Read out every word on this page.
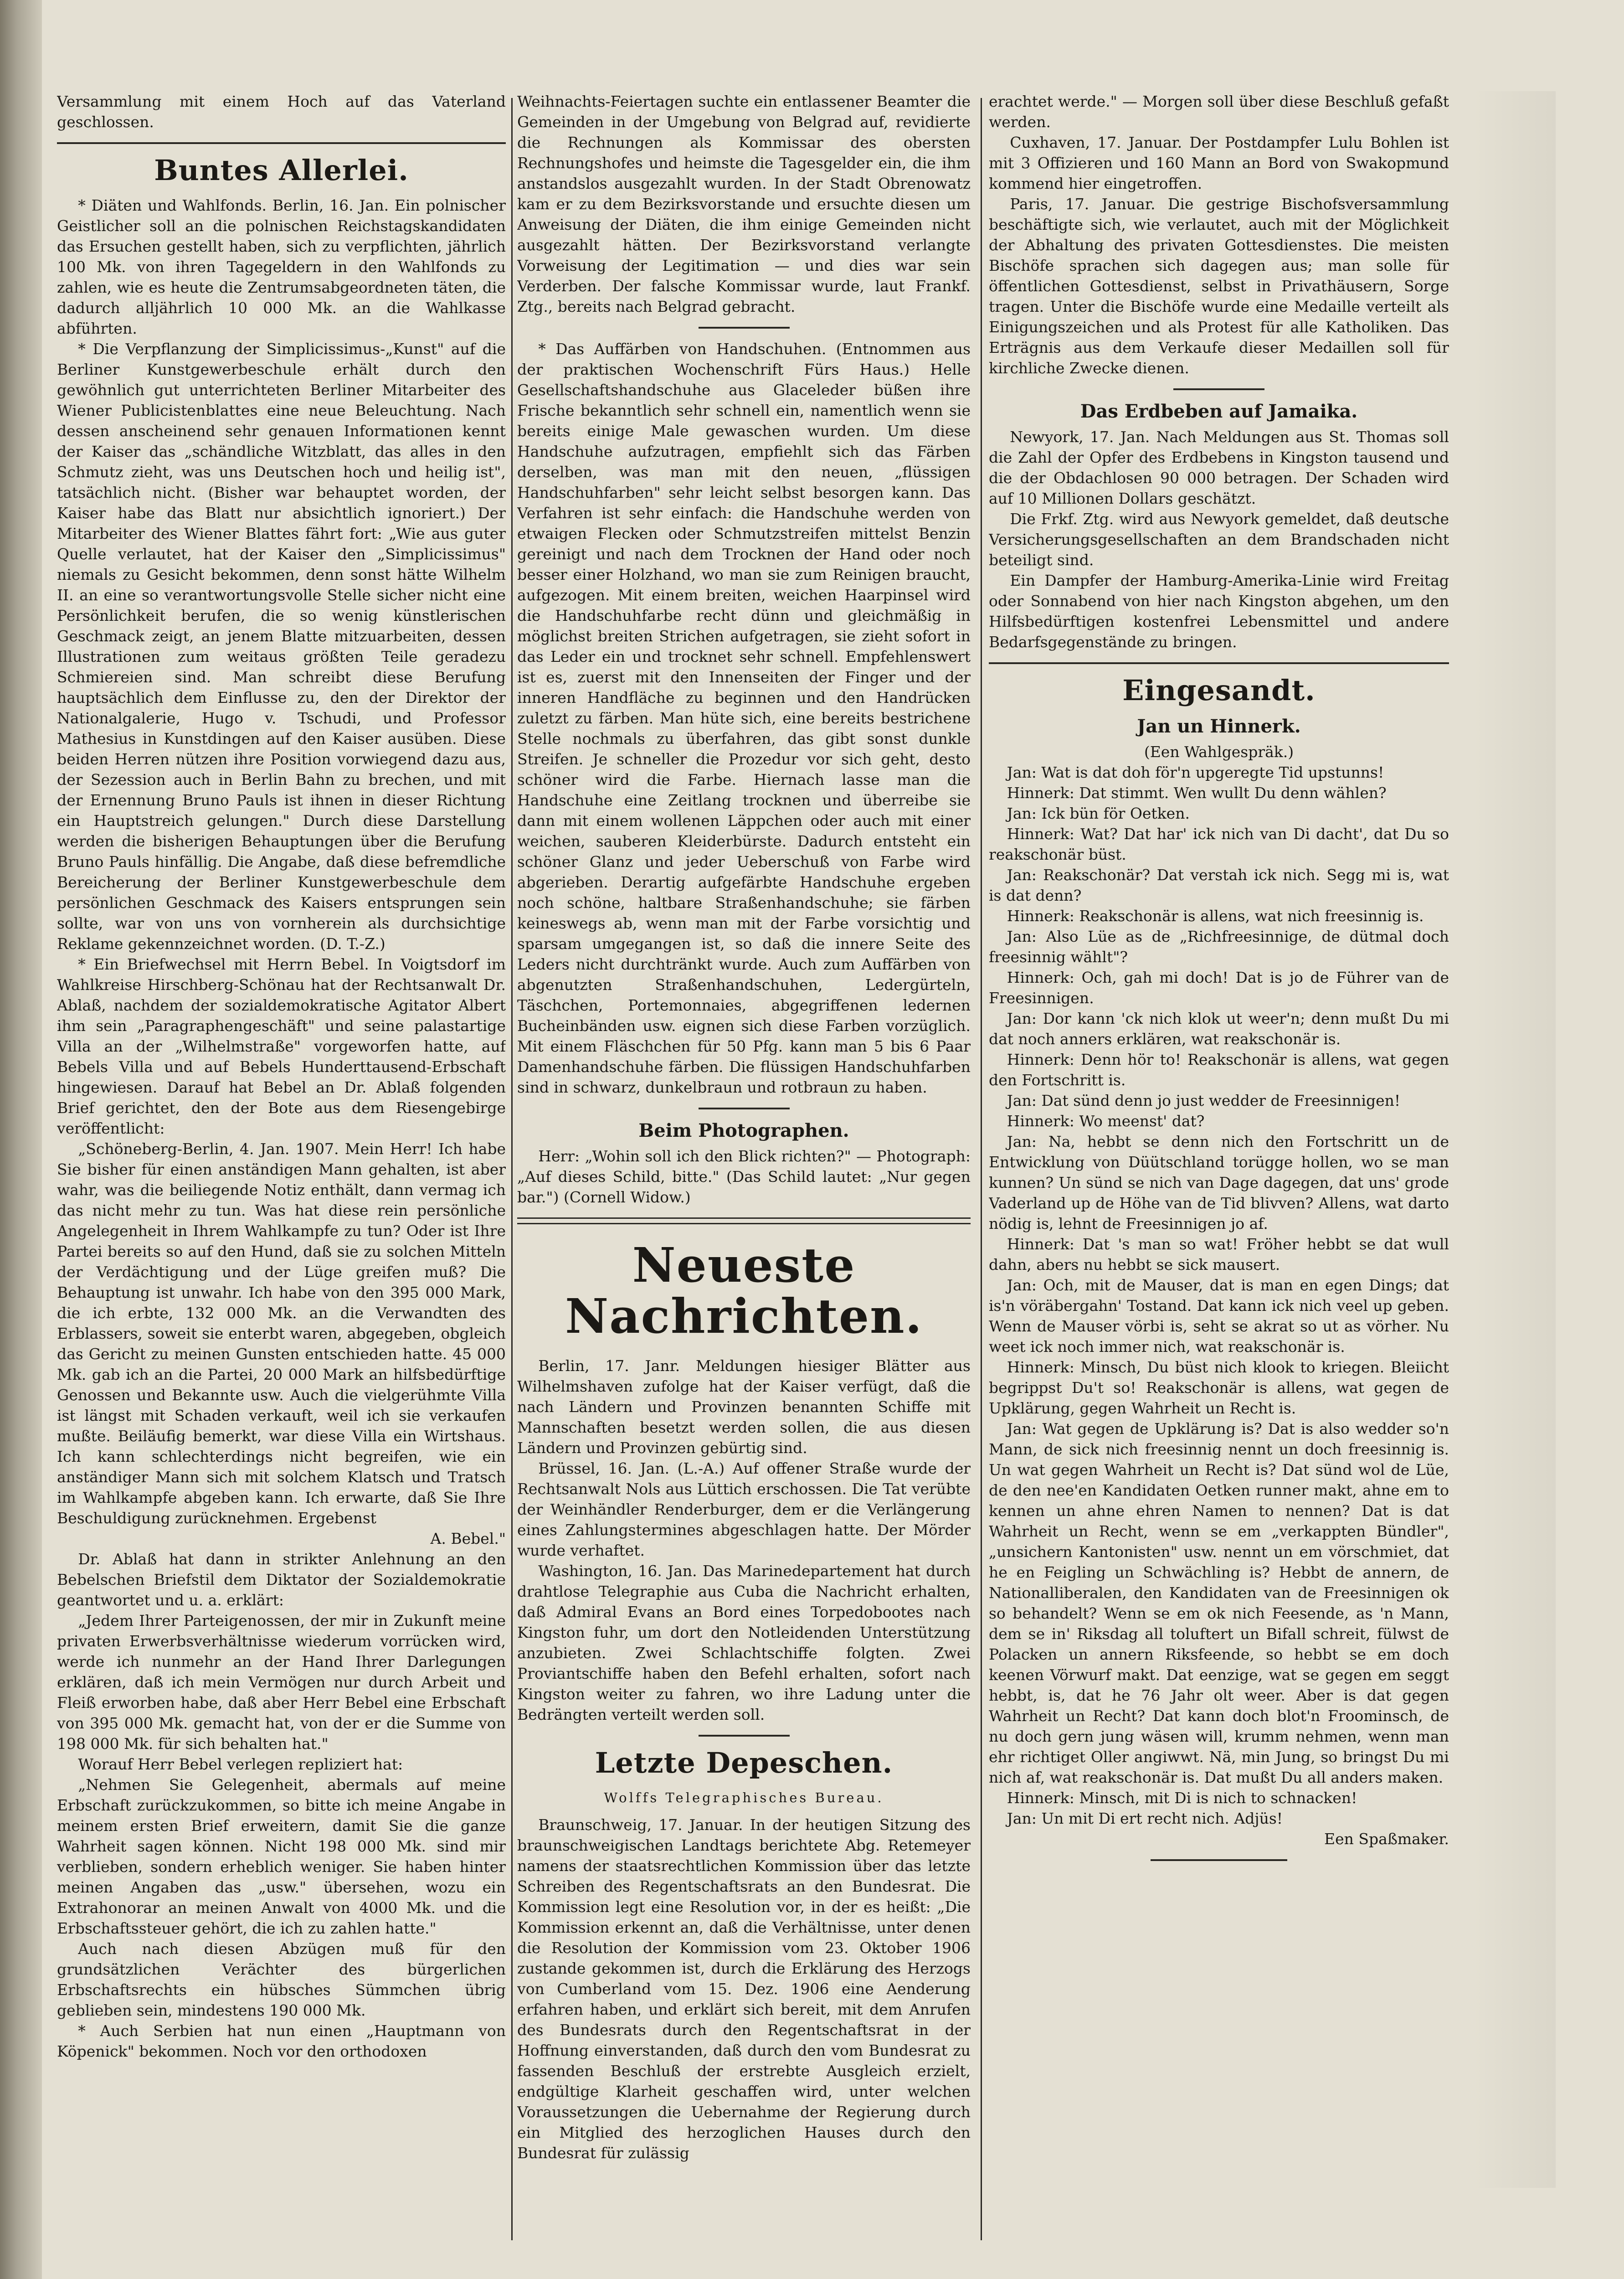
Versammlung mit einem Hoch auf das Vaterland geschlossen.

Buntes Allerlei.

* Diäten und Wahlfonds. Berlin, 16. Jan. Ein polnischer Geistlicher soll an die polnischen Reichstagskandidaten das Ersuchen gestellt haben, sich zu verpflichten, jährlich 100 Mk. von ihren Tagegeldern in den Wahlfonds zu zahlen, wie es heute die Zentrumsabgeordneten täten, die dadurch alljährlich 10 000 Mk. an die Wahlkasse abführten.

* Die Verpflanzung der Simplicissimus-„Kunst" auf die Berliner Kunstgewerbeschule erhält durch den gewöhnlich gut unterrichteten Berliner Mitarbeiter des Wiener Publicistenblattes eine neue Beleuchtung. Nach dessen anscheinend sehr genauen Informationen kennt der Kaiser das „schändliche Witzblatt, das alles in den Schmutz zieht, was uns Deutschen hoch und heilig ist", tatsächlich nicht. (Bisher war behauptet worden, der Kaiser habe das Blatt nur absichtlich ignoriert.) Der Mitarbeiter des Wiener Blattes fährt fort: „Wie aus guter Quelle verlautet, hat der Kaiser den „Simplicissimus" niemals zu Gesicht bekommen, denn sonst hätte Wilhelm II. an eine so verantwortungsvolle Stelle sicher nicht eine Persönlichkeit berufen, die so wenig künstlerischen Geschmack zeigt, an jenem Blatte mitzuarbeiten, dessen Illustrationen zum weitaus größten Teile geradezu Schmiereien sind. Man schreibt diese Berufung hauptsächlich dem Einflusse zu, den der Direktor der Nationalgalerie, Hugo v. Tschudi, und Professor Mathesius in Kunstdingen auf den Kaiser ausüben. Diese beiden Herren nützen ihre Position vorwiegend dazu aus, der Sezession auch in Berlin Bahn zu brechen, und mit der Ernennung Bruno Pauls ist ihnen in dieser Richtung ein Hauptstreich gelungen." Durch diese Darstellung werden die bisherigen Behauptungen über die Berufung Bruno Pauls hinfällig. Die Angabe, daß diese befremdliche Bereicherung der Berliner Kunstgewerbeschule dem persönlichen Geschmack des Kaisers entsprungen sein sollte, war von uns von vornherein als durchsichtige Reklame gekennzeichnet worden. (D. T.-Z.)

* Ein Briefwechsel mit Herrn Bebel. In Voigtsdorf im Wahlkreise Hirschberg-Schönau hat der Rechtsanwalt Dr. Ablaß, nachdem der sozialdemokratische Agitator Albert ihm sein „Paragraphengeschäft" und seine palastartige Villa an der „Wilhelmstraße" vorgeworfen hatte, auf Bebels Villa und auf Bebels Hunderttausend-Erbschaft hingewiesen. Darauf hat Bebel an Dr. Ablaß folgenden Brief gerichtet, den der Bote aus dem Riesengebirge veröffentlicht:

„Schöneberg-Berlin, 4. Jan. 1907. Mein Herr! Ich habe Sie bisher für einen anständigen Mann gehalten, ist aber wahr, was die beiliegende Notiz enthält, dann vermag ich das nicht mehr zu tun. Was hat diese rein persönliche Angelegenheit in Ihrem Wahlkampfe zu tun? Oder ist Ihre Partei bereits so auf den Hund, daß sie zu solchen Mitteln der Verdächtigung und der Lüge greifen muß? Die Behauptung ist unwahr. Ich habe von den 395 000 Mark, die ich erbte, 132 000 Mk. an die Verwandten des Erblassers, soweit sie enterbt waren, abgegeben, obgleich das Gericht zu meinen Gunsten entschieden hatte. 45 000 Mk. gab ich an die Partei, 20 000 Mark an hilfsbedürftige Genossen und Bekannte usw. Auch die vielgerühmte Villa ist längst mit Schaden verkauft, weil ich sie verkaufen mußte. Beiläufig bemerkt, war diese Villa ein Wirtshaus. Ich kann schlechterdings nicht begreifen, wie ein anständiger Mann sich mit solchem Klatsch und Tratsch im Wahlkampfe abgeben kann. Ich erwarte, daß Sie Ihre Beschuldigung zurücknehmen. Ergebenst

A. Bebel."

Dr. Ablaß hat dann in strikter Anlehnung an den Bebelschen Briefstil dem Diktator der Sozialdemokratie geantwortet und u. a. erklärt:

„Jedem Ihrer Parteigenossen, der mir in Zukunft meine privaten Erwerbsverhältnisse wiederum vorrücken wird, werde ich nunmehr an der Hand Ihrer Darlegungen erklären, daß ich mein Vermögen nur durch Arbeit und Fleiß erworben habe, daß aber Herr Bebel eine Erbschaft von 395 000 Mk. gemacht hat, von der er die Summe von 198 000 Mk. für sich behalten hat."

Worauf Herr Bebel verlegen repliziert hat:

„Nehmen Sie Gelegenheit, abermals auf meine Erbschaft zurückzukommen, so bitte ich meine Angabe in meinem ersten Brief erweitern, damit Sie die ganze Wahrheit sagen können. Nicht 198 000 Mk. sind mir verblieben, sondern erheblich weniger. Sie haben hinter meinen Angaben das „usw." übersehen, wozu ein Extrahonorar an meinen Anwalt von 4000 Mk. und die Erbschaftssteuer gehört, die ich zu zahlen hatte."

Auch nach diesen Abzügen muß für den grundsätzlichen Verächter des bürgerlichen Erbschaftsrechts ein hübsches Sümmchen übrig geblieben sein, mindestens 190 000 Mk.

* Auch Serbien hat nun einen „Hauptmann von Köpenick" bekommen. Noch vor den orthodoxen

Weihnachts-Feiertagen suchte ein entlassener Beamter die Gemeinden in der Umgebung von Belgrad auf, revidierte die Rechnungen als Kommissar des obersten Rechnungshofes und heimste die Tagesgelder ein, die ihm anstandslos ausgezahlt wurden. In der Stadt Obrenowatz kam er zu dem Bezirksvorstande und ersuchte diesen um Anweisung der Diäten, die ihm einige Gemeinden nicht ausgezahlt hätten. Der Bezirksvorstand verlangte Vorweisung der Legitimation — und dies war sein Verderben. Der falsche Kommissar wurde, laut Frankf. Ztg., bereits nach Belgrad gebracht.

* Das Auffärben von Handschuhen. (Entnommen aus der praktischen Wochenschrift Fürs Haus.) Helle Gesellschaftshandschuhe aus Glaceleder büßen ihre Frische bekanntlich sehr schnell ein, namentlich wenn sie bereits einige Male gewaschen wurden. Um diese Handschuhe aufzutragen, empfiehlt sich das Färben derselben, was man mit den neuen, „flüssigen Handschuhfarben" sehr leicht selbst besorgen kann. Das Verfahren ist sehr einfach: die Handschuhe werden von etwaigen Flecken oder Schmutzstreifen mittelst Benzin gereinigt und nach dem Trocknen der Hand oder noch besser einer Holzhand, wo man sie zum Reinigen braucht, aufgezogen. Mit einem breiten, weichen Haarpinsel wird die Handschuhfarbe recht dünn und gleichmäßig in möglichst breiten Strichen aufgetragen, sie zieht sofort in das Leder ein und trocknet sehr schnell. Empfehlenswert ist es, zuerst mit den Innenseiten der Finger und der inneren Handfläche zu beginnen und den Handrücken zuletzt zu färben. Man hüte sich, eine bereits bestrichene Stelle nochmals zu überfahren, das gibt sonst dunkle Streifen. Je schneller die Prozedur vor sich geht, desto schöner wird die Farbe. Hiernach lasse man die Handschuhe eine Zeitlang trocknen und überreibe sie dann mit einem wollenen Läppchen oder auch mit einer weichen, sauberen Kleiderbürste. Dadurch entsteht ein schöner Glanz und jeder Ueberschuß von Farbe wird abgerieben. Derartig aufgefärbte Handschuhe ergeben noch schöne, haltbare Straßenhandschuhe; sie färben keineswegs ab, wenn man mit der Farbe vorsichtig und sparsam umgegangen ist, so daß die innere Seite des Leders nicht durchtränkt wurde. Auch zum Auffärben von abgenutzten Straßenhandschuhen, Ledergürteln, Täschchen, Portemonnaies, abgegriffenen ledernen Bucheinbänden usw. eignen sich diese Farben vorzüglich. Mit einem Fläschchen für 50 Pfg. kann man 5 bis 6 Paar Damenhandschuhe färben. Die flüssigen Handschuhfarben sind in schwarz, dunkelbraun und rotbraun zu haben.

Beim Photographen.

Herr: „Wohin soll ich den Blick richten?" — Photograph: „Auf dieses Schild, bitte." (Das Schild lautet: „Nur gegen bar.") (Cornell Widow.)

Neueste Nachrichten.

Berlin, 17. Janr. Meldungen hiesiger Blätter aus Wilhelmshaven zufolge hat der Kaiser verfügt, daß die nach Ländern und Provinzen benannten Schiffe mit Mannschaften besetzt werden sollen, die aus diesen Ländern und Provinzen gebürtig sind.

Brüssel, 16. Jan. (L.-A.) Auf offener Straße wurde der Rechtsanwalt Nols aus Lüttich erschossen. Die Tat verübte der Weinhändler Renderburger, dem er die Verlängerung eines Zahlungstermines abgeschlagen hatte. Der Mörder wurde verhaftet.

Washington, 16. Jan. Das Marinedepartement hat durch drahtlose Telegraphie aus Cuba die Nachricht erhalten, daß Admiral Evans an Bord eines Torpedobootes nach Kingston fuhr, um dort den Notleidenden Unterstützung anzubieten. Zwei Schlachtschiffe folgten. Zwei Proviantschiffe haben den Befehl erhalten, sofort nach Kingston weiter zu fahren, wo ihre Ladung unter die Bedrängten verteilt werden soll.

Letzte Depeschen.

Wolffs Telegraphisches Bureau.

Braunschweig, 17. Januar. In der heutigen Sitzung des braunschweigischen Landtags berichtete Abg. Retemeyer namens der staatsrechtlichen Kommission über das letzte Schreiben des Regentschaftsrats an den Bundesrat. Die Kommission legt eine Resolution vor, in der es heißt: „Die Kommission erkennt an, daß die Verhältnisse, unter denen die Resolution der Kommission vom 23. Oktober 1906 zustande gekommen ist, durch die Erklärung des Herzogs von Cumberland vom 15. Dez. 1906 eine Aenderung erfahren haben, und erklärt sich bereit, mit dem Anrufen des Bundesrats durch den Regentschaftsrat in der Hoffnung einverstanden, daß durch den vom Bundesrat zu fassenden Beschluß der erstrebte Ausgleich erzielt, endgültige Klarheit geschaffen wird, unter welchen Voraussetzungen die Uebernahme der Regierung durch ein Mitglied des herzoglichen Hauses durch den Bundesrat für zulässig

erachtet werde." — Morgen soll über diese Beschluß gefaßt werden.

Cuxhaven, 17. Januar. Der Postdampfer Lulu Bohlen ist mit 3 Offizieren und 160 Mann an Bord von Swakopmund kommend hier eingetroffen.

Paris, 17. Januar. Die gestrige Bischofsversammlung beschäftigte sich, wie verlautet, auch mit der Möglichkeit der Abhaltung des privaten Gottesdienstes. Die meisten Bischöfe sprachen sich dagegen aus; man solle für öffentlichen Gottesdienst, selbst in Privathäusern, Sorge tragen. Unter die Bischöfe wurde eine Medaille verteilt als Einigungszeichen und als Protest für alle Katholiken. Das Erträgnis aus dem Verkaufe dieser Medaillen soll für kirchliche Zwecke dienen.

Das Erdbeben auf Jamaika.

Newyork, 17. Jan. Nach Meldungen aus St. Thomas soll die Zahl der Opfer des Erdbebens in Kingston tausend und die der Obdachlosen 90 000 betragen. Der Schaden wird auf 10 Millionen Dollars geschätzt.

Die Frkf. Ztg. wird aus Newyork gemeldet, daß deutsche Versicherungsgesellschaften an dem Brandschaden nicht beteiligt sind.

Ein Dampfer der Hamburg-Amerika-Linie wird Freitag oder Sonnabend von hier nach Kingston abgehen, um den Hilfsbedürftigen kostenfrei Lebensmittel und andere Bedarfsgegenstände zu bringen.

Eingesandt.
Jan un Hinnerk.

(Een Wahlgespräk.)

Jan: Wat is dat doh för'n upgeregte Tid upstunns!

Hinnerk: Dat stimmt. Wen wullt Du denn wählen?

Jan: Ick bün för Oetken.

Hinnerk: Wat? Dat har' ick nich van Di dacht', dat Du so reakschonär büst.

Jan: Reakschonär? Dat verstah ick nich. Segg mi is, wat is dat denn?

Hinnerk: Reakschonär is allens, wat nich freesinnig is.

Jan: Also Lüe as de „Richfreesinnige, de dütmal doch freesinnig wählt"?

Hinnerk: Och, gah mi doch! Dat is jo de Führer van de Freesinnigen.

Jan: Dor kann 'ck nich klok ut weer'n; denn mußt Du mi dat noch anners erklären, wat reakschonär is.

Hinnerk: Denn hör to! Reakschonär is allens, wat gegen den Fortschritt is.

Jan: Dat sünd denn jo just wedder de Freesinnigen!

Hinnerk: Wo meenst' dat?

Jan: Na, hebbt se denn nich den Fortschritt un de Entwicklung von Düütschland torügge hollen, wo se man kunnen? Un sünd se nich van Dage dagegen, dat uns' grode Vaderland up de Höhe van de Tid blivven? Allens, wat darto nödig is, lehnt de Freesinnigen jo af.

Hinnerk: Dat 's man so wat! Fröher hebbt se dat wull dahn, abers nu hebbt se sick mausert.

Jan: Och, mit de Mauser, dat is man en egen Dings; dat is'n vöräbergahn' Tostand. Dat kann ick nich veel up geben. Wenn de Mauser vörbi is, seht se akrat so ut as vörher. Nu weet ick noch immer nich, wat reakschonär is.

Hinnerk: Minsch, Du büst nich klook to kriegen. Bleiicht begrippst Du't so! Reakschonär is allens, wat gegen de Upklärung, gegen Wahrheit un Recht is.

Jan: Wat gegen de Upklärung is? Dat is also wedder so'n Mann, de sick nich freesinnig nennt un doch freesinnig is. Un wat gegen Wahrheit un Recht is? Dat sünd wol de Lüe, de den nee'en Kandidaten Oetken runner makt, ahne em to kennen un ahne ehren Namen to nennen? Dat is dat Wahrheit un Recht, wenn se em „verkappten Bündler", „unsichern Kantonisten" usw. nennt un em vörschmiet, dat he en Feigling un Schwächling is? Hebbt de annern, de Nationalliberalen, den Kandidaten van de Freesinnigen ok so behandelt? Wenn se em ok nich Feesende, as 'n Mann, dem se in' Riksdag all toluftert un Bifall schreit, fülwst de Polacken un annern Riksfeende, so hebbt se em doch keenen Vörwurf makt. Dat eenzige, wat se gegen em seggt hebbt, is, dat he 76 Jahr olt weer. Aber is dat gegen Wahrheit un Recht? Dat kann doch blot'n Froominsch, de nu doch gern jung wäsen will, krumm nehmen, wenn man ehr richtiget Oller angiwwt. Nä, min Jung, so bringst Du mi nich af, wat reakschonär is. Dat mußt Du all anders maken.

Hinnerk: Minsch, mit Di is nich to schnacken!

Jan: Un mit Di ert recht nich. Adjüs!

Een Spaßmaker.
